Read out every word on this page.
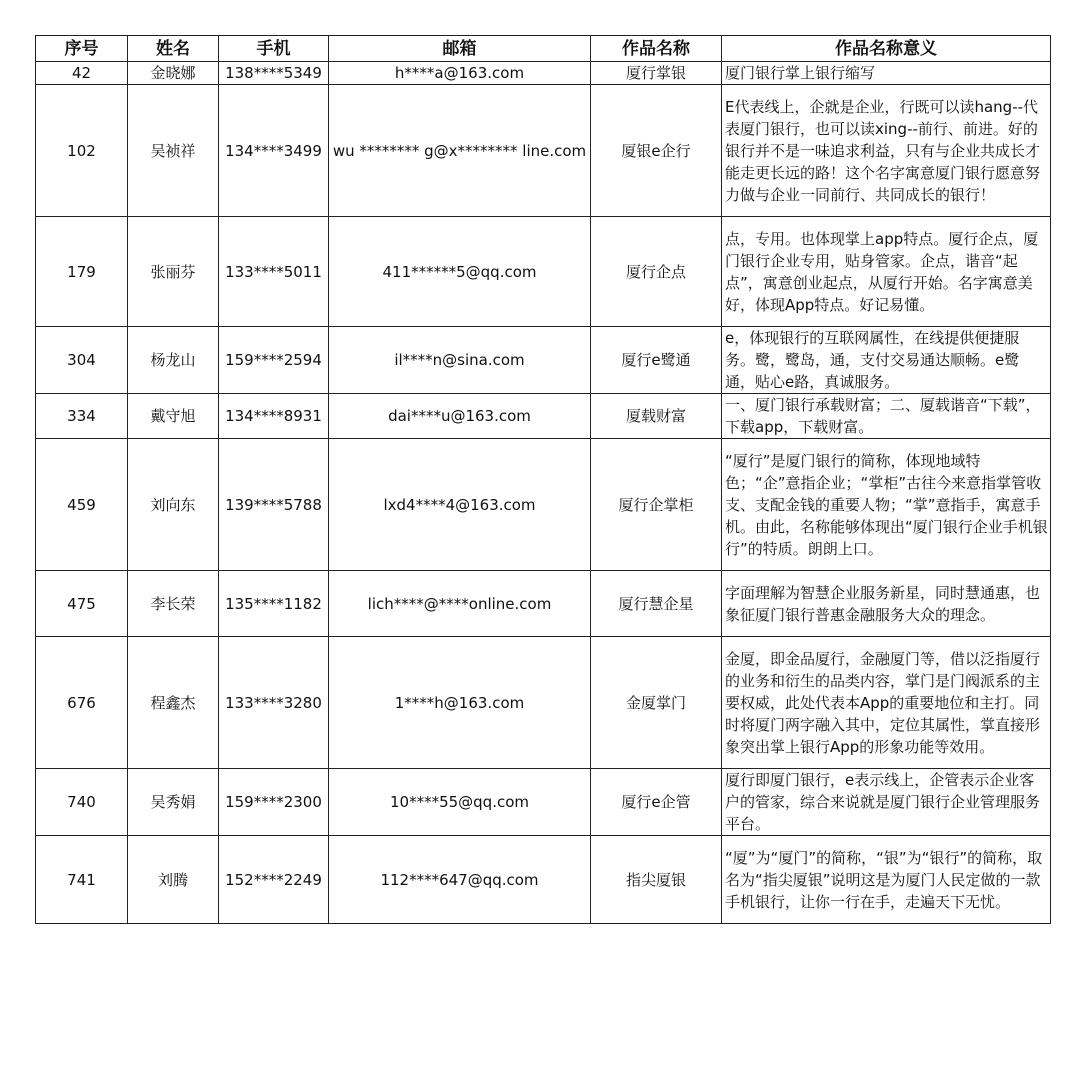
序号	姓名	手机	邮箱	作品名称	作品名称意义
42	金晓娜	138****5349	h****a@163.com	厦行掌银	厦门银行掌上银行缩写
102	吴祯祥	134****3499	wu ******** g@x******** line.com	厦银e企行	E代表线上，企就是企业，行既可以读hang--代表厦门银行，也可以读xing--前行、前进。好的银行并不是一味追求利益，只有与企业共成长才能走更长远的路！这个名字寓意厦门银行愿意努力做与企业一同前行、共同成长的银行！
179	张丽芬	133****5011	411******5@qq.com	厦行企点	点，专用。也体现掌上app特点。厦行企点，厦门银行企业专用，贴身管家。企点，谐音“起点”，寓意创业起点，从厦行开始。名字寓意美好，体现App特点。好记易懂。
304	杨龙山	159****2594	il****n@sina.com	厦行e鹭通	e，体现银行的互联网属性，在线提供便捷服务。鹭，鹭岛，通，支付交易通达顺畅。e鹭通，贴心e路，真诚服务。
334	戴守旭	134****8931	dai****u@163.com	厦载财富	一、厦门银行承载财富；二、厦载谐音“下载”，下载app，下载财富。
459	刘向东	139****5788	lxd4****4@163.com	厦行企掌柜	“厦行”是厦门银行的简称，体现地域特色；“企”意指企业；“掌柜”古往今来意指掌管收支、支配金钱的重要人物；“掌”意指手，寓意手机。由此，名称能够体现出“厦门银行企业手机银行”的特质。朗朗上口。
475	李长荣	135****1182	lich****@****online.com	厦行慧企星	字面理解为智慧企业服务新星，同时慧通惠，也象征厦门银行普惠金融服务大众的理念。
676	程鑫杰	133****3280	1****h@163.com	金厦掌门	金厦，即金品厦行，金融厦门等，借以泛指厦行的业务和衍生的品类内容，掌门是门阀派系的主要权威，此处代表本App的重要地位和主打。同时将厦门两字融入其中，定位其属性，掌直接形象突出掌上银行App的形象功能等效用。
740	吴秀娟	159****2300	10****55@qq.com	厦行e企管	厦行即厦门银行，e表示线上，企管表示企业客户的管家，综合来说就是厦门银行企业管理服务平台。
741	刘腾	152****2249	112****647@qq.com	指尖厦银	“厦”为“厦门”的简称，“银”为“银行”的简称，取名为“指尖厦银”说明这是为厦门人民定做的一款手机银行，让你一行在手，走遍天下无忧。
